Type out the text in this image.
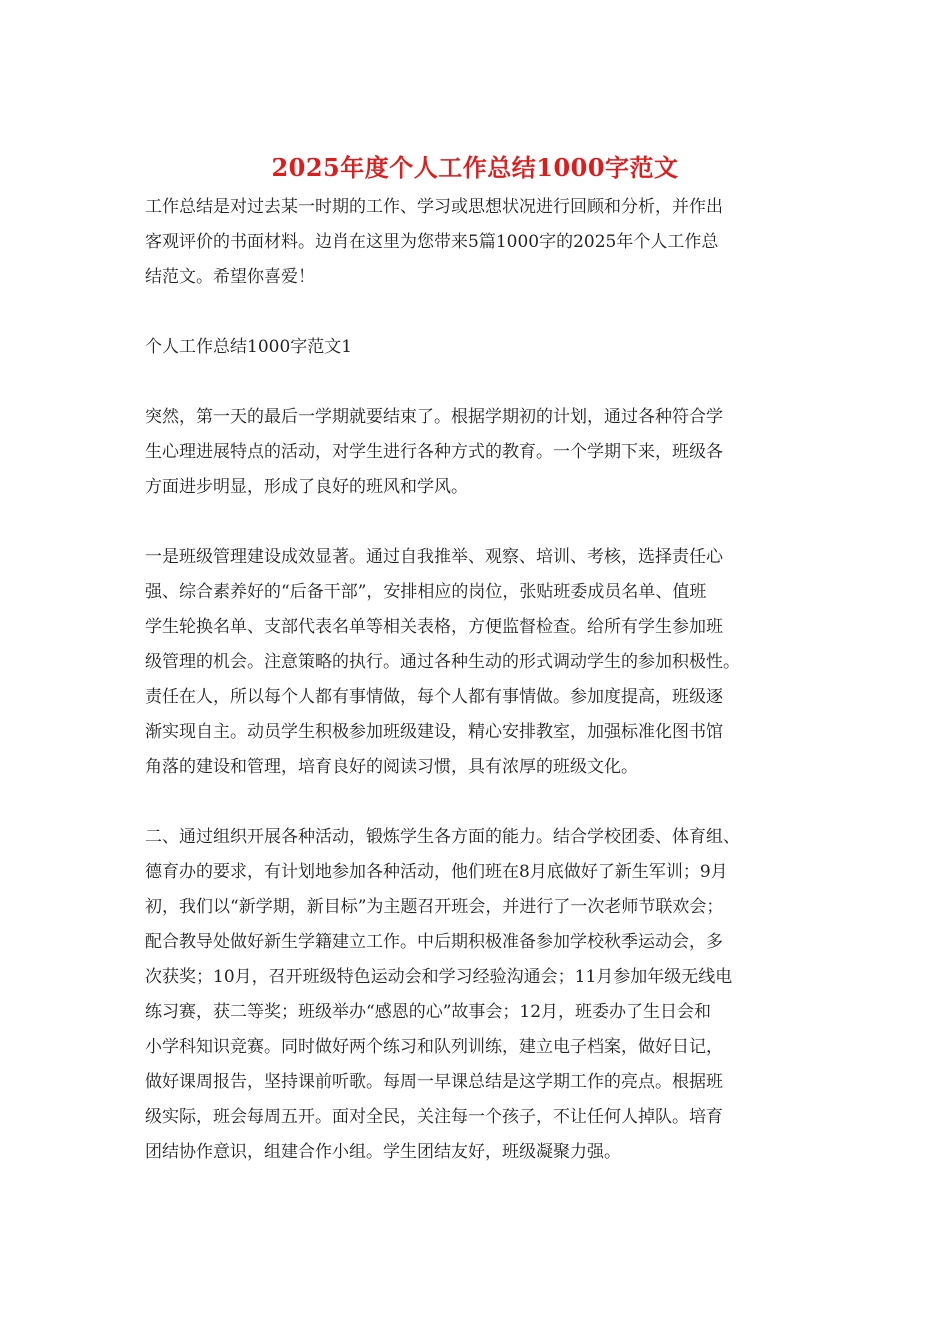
2025年度个人工作总结1000字范文

工作总结是对过去某一时期的工作、学习或思想状况进行回顾和分析，并作出
客观评价的书面材料。边肖在这里为您带来5篇1000字的2025年个人工作总
结范文。希望你喜爱！

个人工作总结1000字范文1

突然，第一天的最后一学期就要结束了。根据学期初的计划，通过各种符合学
生心理进展特点的活动，对学生进行各种方式的教育。一个学期下来，班级各
方面进步明显，形成了良好的班风和学风。

一是班级管理建设成效显著。通过自我推举、观察、培训、考核，选择责任心
强、综合素养好的“后备干部”，安排相应的岗位，张贴班委成员名单、值班
学生轮换名单、支部代表名单等相关表格，方便监督检查。给所有学生参加班
级管理的机会。注意策略的执行。通过各种生动的形式调动学生的参加积极性。
责任在人，所以每个人都有事情做，每个人都有事情做。参加度提高，班级逐
渐实现自主。动员学生积极参加班级建设，精心安排教室，加强标准化图书馆
角落的建设和管理，培育良好的阅读习惯，具有浓厚的班级文化。

二、通过组织开展各种活动，锻炼学生各方面的能力。结合学校团委、体育组、
德育办的要求，有计划地参加各种活动，他们班在8月底做好了新生军训；9月
初，我们以“新学期，新目标”为主题召开班会，并进行了一次老师节联欢会；
配合教导处做好新生学籍建立工作。中后期积极准备参加学校秋季运动会，多
次获奖；10月，召开班级特色运动会和学习经验沟通会；11月参加年级无线电
练习赛，获二等奖；班级举办“感恩的心”故事会；12月，班委办了生日会和
小学科知识竞赛。同时做好两个练习和队列训练，建立电子档案，做好日记，
做好课周报告，坚持课前听歌。每周一早课总结是这学期工作的亮点。根据班
级实际，班会每周五开。面对全民，关注每一个孩子，不让任何人掉队。培育
团结协作意识，组建合作小组。学生团结友好，班级凝聚力强。
